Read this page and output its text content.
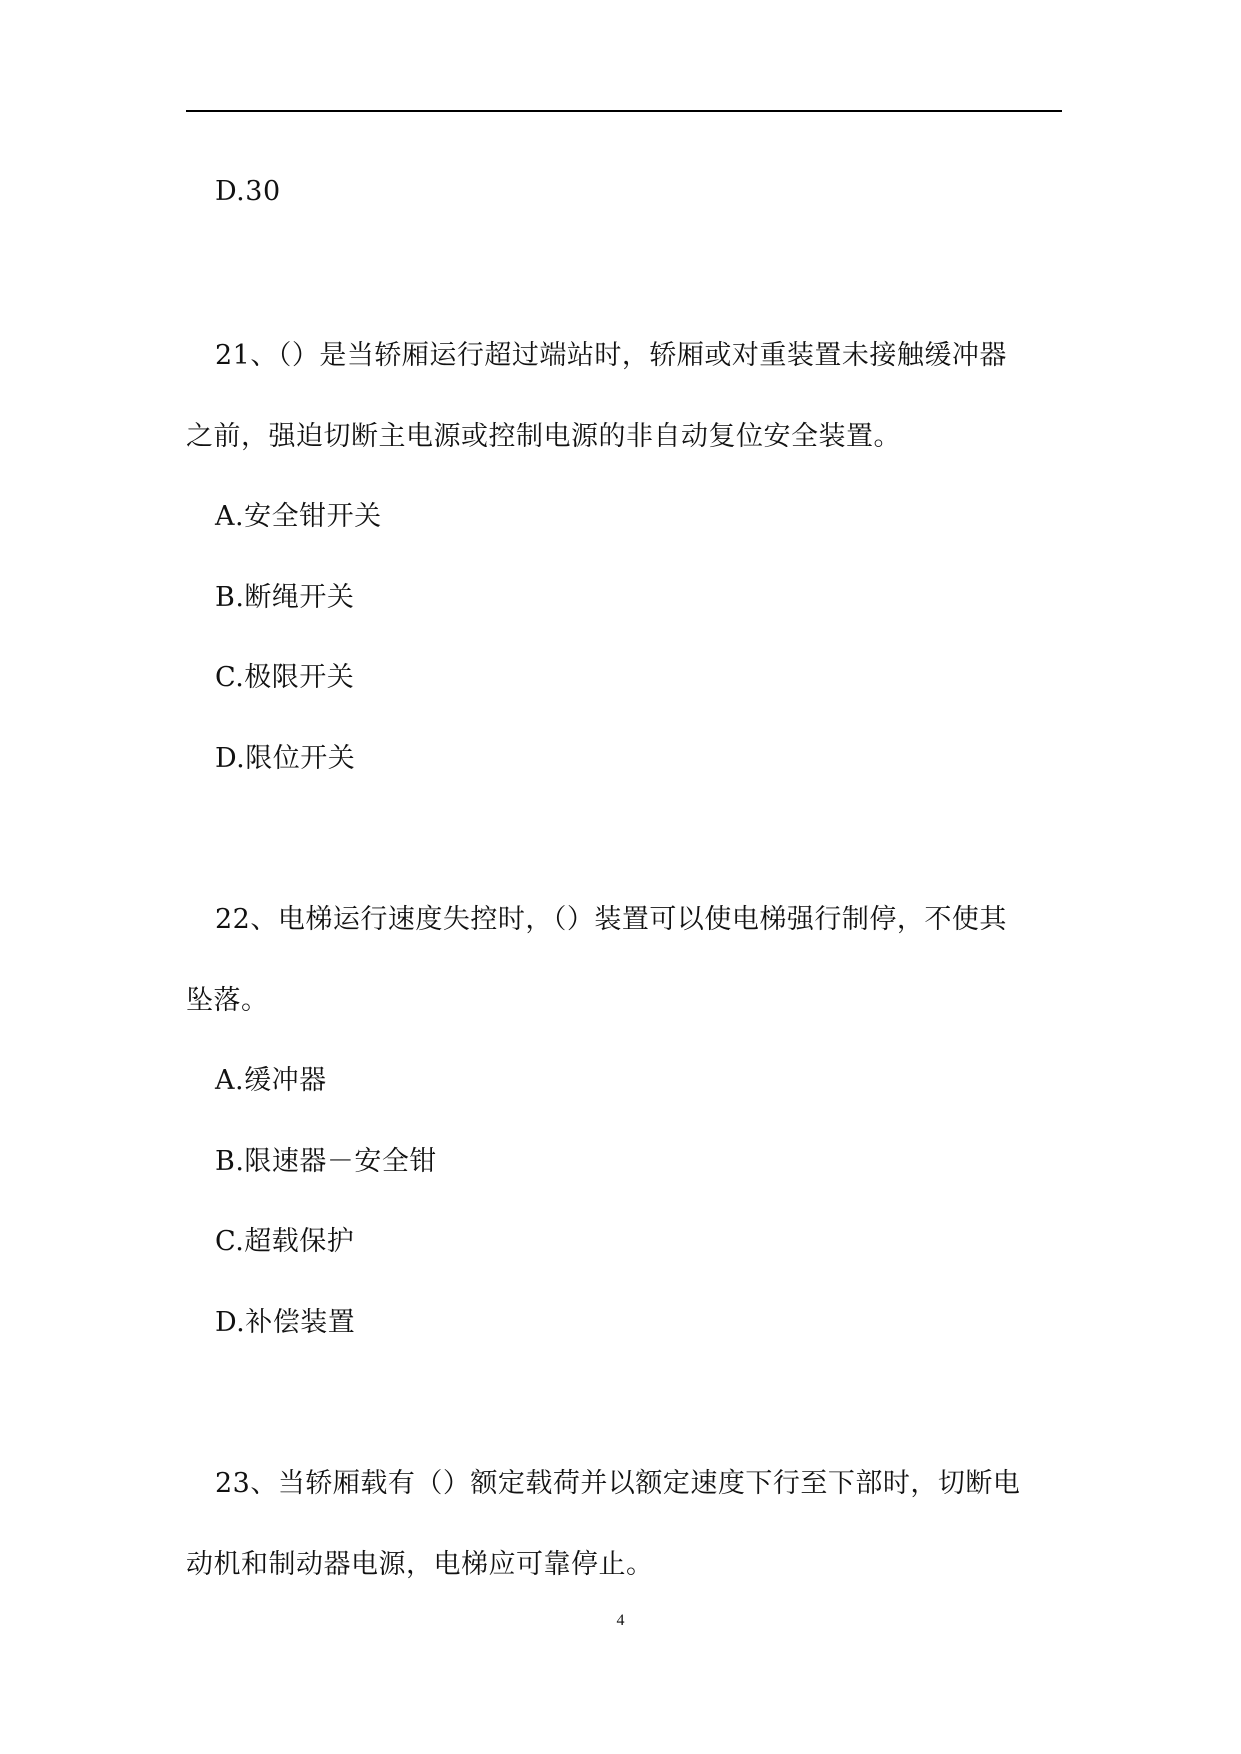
D.30
21、（）是当轿厢运行超过端站时，轿厢或对重装置未接触缓冲器
之前，强迫切断主电源或控制电源的非自动复位安全装置。
A.安全钳开关
B.断绳开关
C.极限开关
D.限位开关
22、电梯运行速度失控时，（）装置可以使电梯强行制停，不使其
坠落。
A.缓冲器
B.限速器－安全钳
C.超载保护
D.补偿装置
23、当轿厢载有（）额定载荷并以额定速度下行至下部时，切断电
动机和制动器电源，电梯应可靠停止。
4
